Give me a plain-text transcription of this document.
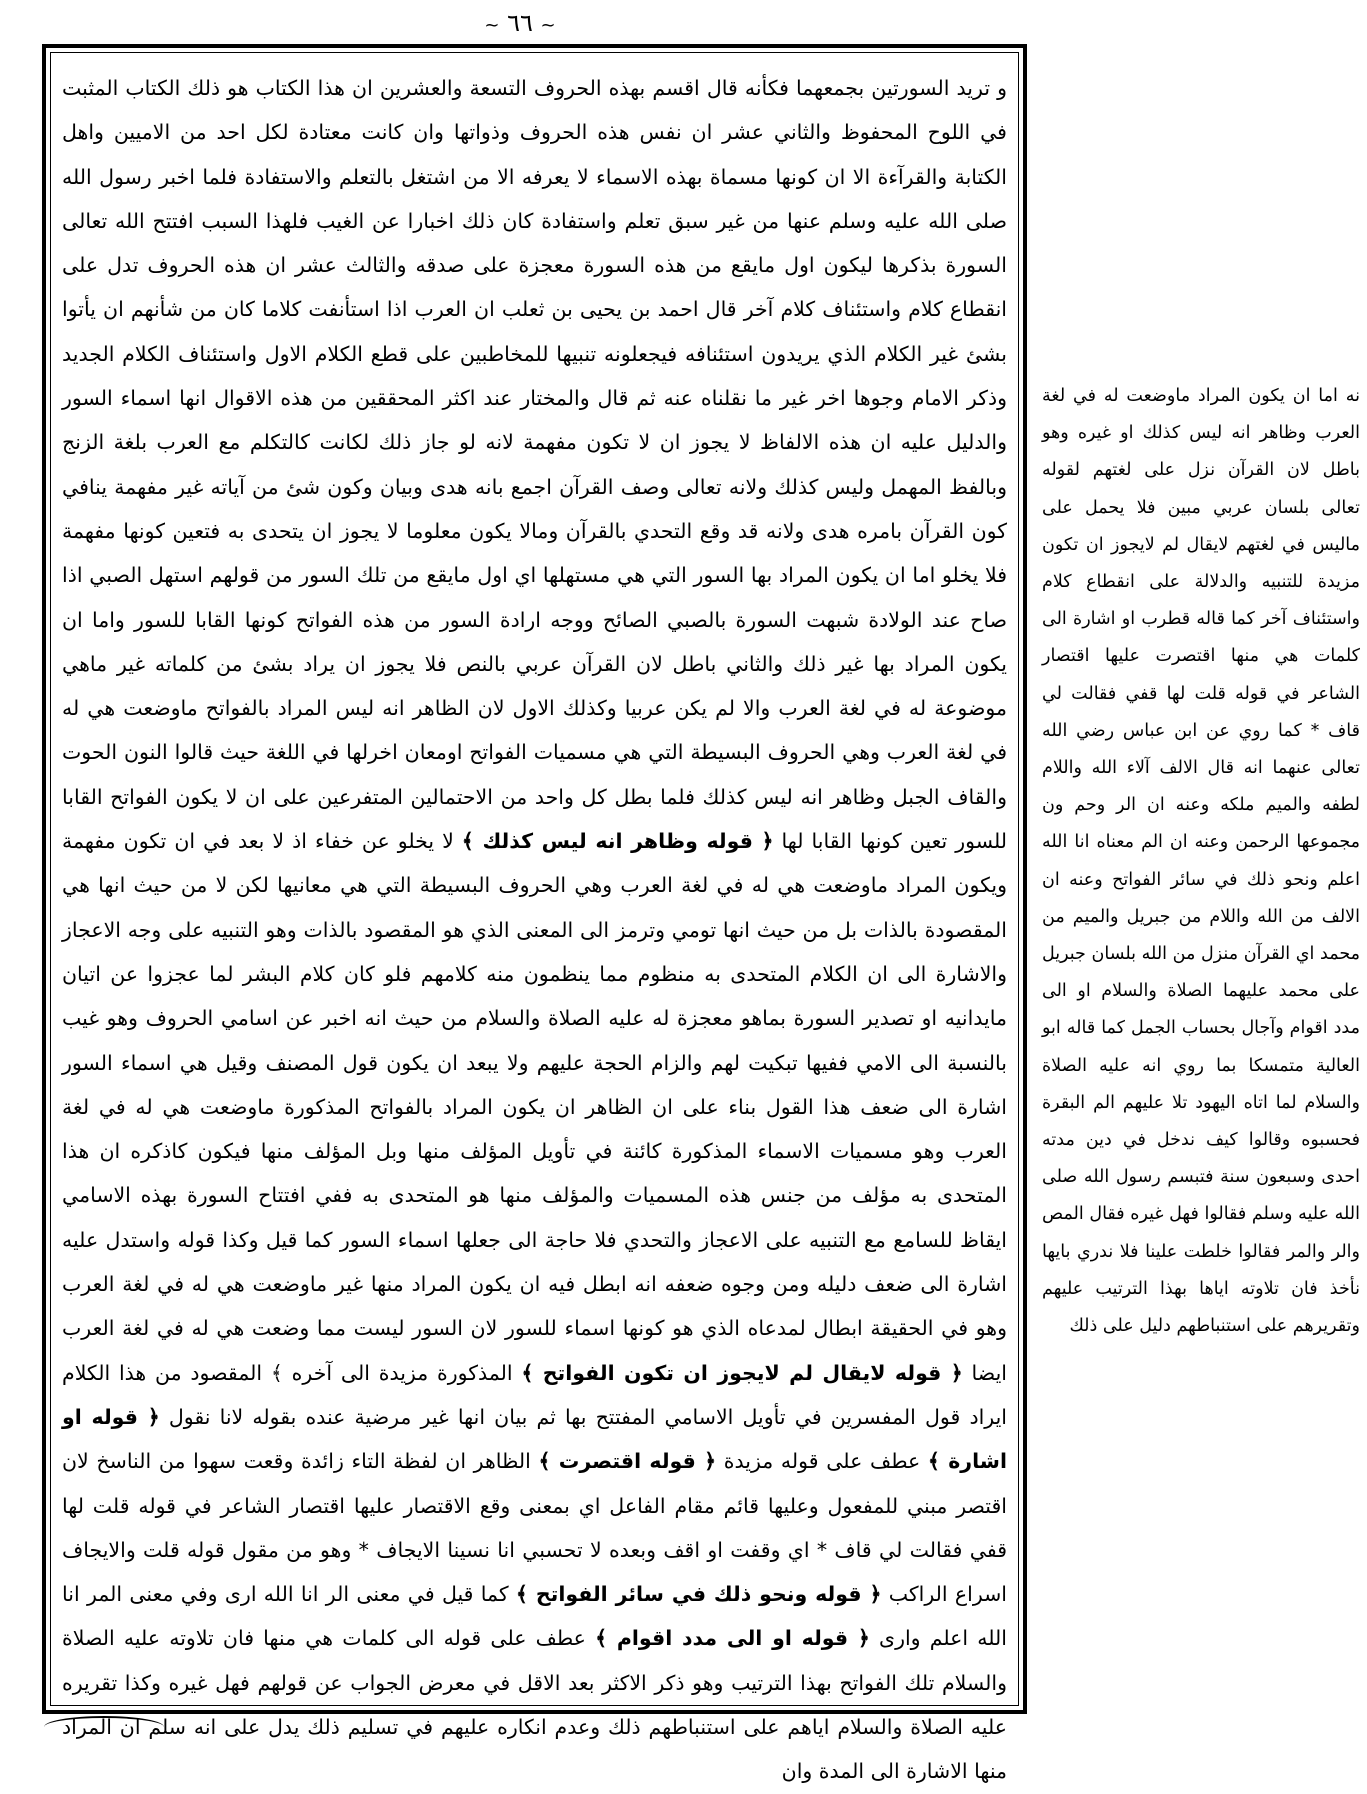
~ ٦٦ ~

و تريد السورتين بجمعهما فكأنه قال اقسم بهذه الحروف التسعة والعشرين ان هذا الكتاب هو ذلك الكتاب المثبت في اللوح المحفوظ والثاني عشر ان نفس هذه الحروف وذواتها وان كانت معتادة لكل احد من الاميين واهل الكتابة والقرآءة الا ان كونها مسماة بهذه الاسماء لا يعرفه الا من اشتغل بالتعلم والاستفادة فلما اخبر رسول الله صلى الله عليه وسلم عنها من غير سبق تعلم واستفادة كان ذلك اخبارا عن الغيب فلهذا السبب افتتح الله تعالى السورة بذكرها ليكون اول مايقع من هذه السورة معجزة على صدقه والثالث عشر ان هذه الحروف تدل على انقطاع كلام واستئناف كلام آخر قال احمد بن يحيى بن ثعلب ان العرب اذا استأنفت كلاما كان من شأنهم ان يأتوا بشئ غير الكلام الذي يريدون استئنافه فيجعلونه تنبيها للمخاطبين على قطع الكلام الاول واستئناف الكلام الجديد وذكر الامام وجوها اخر غير ما نقلناه عنه ثم قال والمختار عند اكثر المحققين من هذه الاقوال انها اسماء السور والدليل عليه ان هذه الالفاظ لا يجوز ان لا تكون مفهمة لانه لو جاز ذلك لكانت كالتكلم مع العرب بلغة الزنج وبالفظ المهمل وليس كذلك ولانه تعالى وصف القرآن اجمع بانه هدى وبيان وكون شئ من آياته غير مفهمة ينافي كون القرآن بامره هدى ولانه قد وقع التحدي بالقرآن ومالا يكون معلوما لا يجوز ان يتحدى به فتعين كونها مفهمة فلا يخلو اما ان يكون المراد بها السور التي هي مستهلها اي اول مايقع من تلك السور من قولهم استهل الصبي اذا صاح عند الولادة شبهت السورة بالصبي الصائح ووجه ارادة السور من هذه الفواتح كونها القابا للسور واما ان يكون المراد بها غير ذلك والثاني باطل لان القرآن عربي بالنص فلا يجوز ان يراد بشئ من كلماته غير ماهي موضوعة له في لغة العرب والا لم يكن عربيا وكذلك الاول لان الظاهر انه ليس المراد بالفواتح ماوضعت هي له في لغة العرب وهي الحروف البسيطة التي هي مسميات الفواتح اومعان اخرلها في اللغة حيث قالوا النون الحوت والقاف الجبل وظاهر انه ليس كذلك فلما بطل كل واحد من الاحتمالين المتفرعين على ان لا يكون الفواتح القابا للسور تعين كونها القابا لها ﴿ قوله وظاهر انه ليس كذلك ﴾ لا يخلو عن خفاء اذ لا بعد في ان تكون مفهمة ويكون المراد ماوضعت هي له في لغة العرب وهي الحروف البسيطة التي هي معانيها لكن لا من حيث انها هي المقصودة بالذات بل من حيث انها تومي وترمز الى المعنى الذي هو المقصود بالذات وهو التنبيه على وجه الاعجاز والاشارة الى ان الكلام المتحدى به منظوم مما ينظمون منه كلامهم فلو كان كلام البشر لما عجزوا عن اتيان مايدانيه او تصدير السورة بماهو معجزة له عليه الصلاة والسلام من حيث انه اخبر عن اسامي الحروف وهو غيب بالنسبة الى الامي ففيها تبكيت لهم والزام الحجة عليهم ولا يبعد ان يكون قول المصنف وقيل هي اسماء السور اشارة الى ضعف هذا القول بناء على ان الظاهر ان يكون المراد بالفواتح المذكورة ماوضعت هي له في لغة العرب وهو مسميات الاسماء المذكورة كائنة في تأويل المؤلف منها وبل المؤلف منها فيكون كاذكره ان هذا المتحدى به مؤلف من جنس هذه المسميات والمؤلف منها هو المتحدى به ففي افتتاح السورة بهذه الاسامي ايقاظ للسامع مع التنبيه على الاعجاز والتحدي فلا حاجة الى جعلها اسماء السور كما قيل وكذا قوله واستدل عليه اشارة الى ضعف دليله ومن وجوه ضعفه انه ابطل فيه ان يكون المراد منها غير ماوضعت هي له في لغة العرب وهو في الحقيقة ابطال لمدعاه الذي هو كونها اسماء للسور لان السور ليست مما وضعت هي له في لغة العرب ايضا ﴿ قوله لايقال لم لايجوز ان تكون الفواتح ﴾ المذكورة مزيدة الى آخره ﴾ المقصود من هذا الكلام ايراد قول المفسرين في تأويل الاسامي المفتتح بها ثم بيان انها غير مرضية عنده بقوله لانا نقول ﴿ قوله او اشارة ﴾ عطف على قوله مزيدة ﴿ قوله اقتصرت ﴾ الظاهر ان لفظة التاء زائدة وقعت سهوا من الناسخ لان اقتصر مبني للمفعول وعليها قائم مقام الفاعل اي بمعنى وقع الاقتصار عليها اقتصار الشاعر في قوله قلت لها قفي فقالت لي قاف * اي وقفت او اقف وبعده لا تحسبي انا نسينا الايجاف * وهو من مقول قوله قلت والايجاف اسراع الراكب ﴿ قوله ونحو ذلك في سائر الفواتح ﴾ كما قيل في معنى الر انا الله ارى وفي معنى المر انا الله اعلم وارى ﴿ قوله او الى مدد اقوام ﴾ عطف على قوله الى كلمات هي منها فان تلاوته عليه الصلاة والسلام تلك الفواتح بهذا الترتيب وهو ذكر الاكثر بعد الاقل في معرض الجواب عن قولهم فهل غيره وكذا تقريره عليه الصلاة والسلام اياهم على استنباطهم ذلك وعدم انكاره عليهم في تسليم ذلك يدل على انه سلم ان المراد منها الاشارة الى المدة وان

نه اما ان يكون المراد ماوضعت له في لغة العرب وظاهر انه ليس كذلك او غيره وهو باطل لان القرآن نزل على لغتهم لقوله تعالى بلسان عربي مبين فلا يحمل على ماليس في لغتهم لايقال لم لايجوز ان تكون مزيدة للتنبيه والدلالة على انقطاع كلام واستئناف آخر كما قاله قطرب او اشارة الى كلمات هي منها اقتصرت عليها اقتصار الشاعر في قوله قلت لها قفي فقالت لي قاف * كما روي عن ابن عباس رضي الله تعالى عنهما انه قال الالف آلاء الله واللام لطفه والميم ملكه وعنه ان الر وحم ون مجموعها الرحمن وعنه ان الم معناه انا الله اعلم ونحو ذلك في سائر الفواتح وعنه ان الالف من الله واللام من جبريل والميم من محمد اي القرآن منزل من الله بلسان جبريل على محمد عليهما الصلاة والسلام او الى مدد اقوام وآجال بحساب الجمل كما قاله ابو العالية متمسكا بما روي انه عليه الصلاة والسلام لما اتاه اليهود تلا عليهم الم البقرة فحسبوه وقالوا كيف ندخل في دين مدته احدى وسبعون سنة فتبسم رسول الله صلى الله عليه وسلم فقالوا فهل غيره فقال المص والر والمر فقالوا خلطت علينا فلا ندري بايها نأخذ فان تلاوته اياها بهذا الترتيب عليهم وتقريرهم على استنباطهم دليل على ذلك
